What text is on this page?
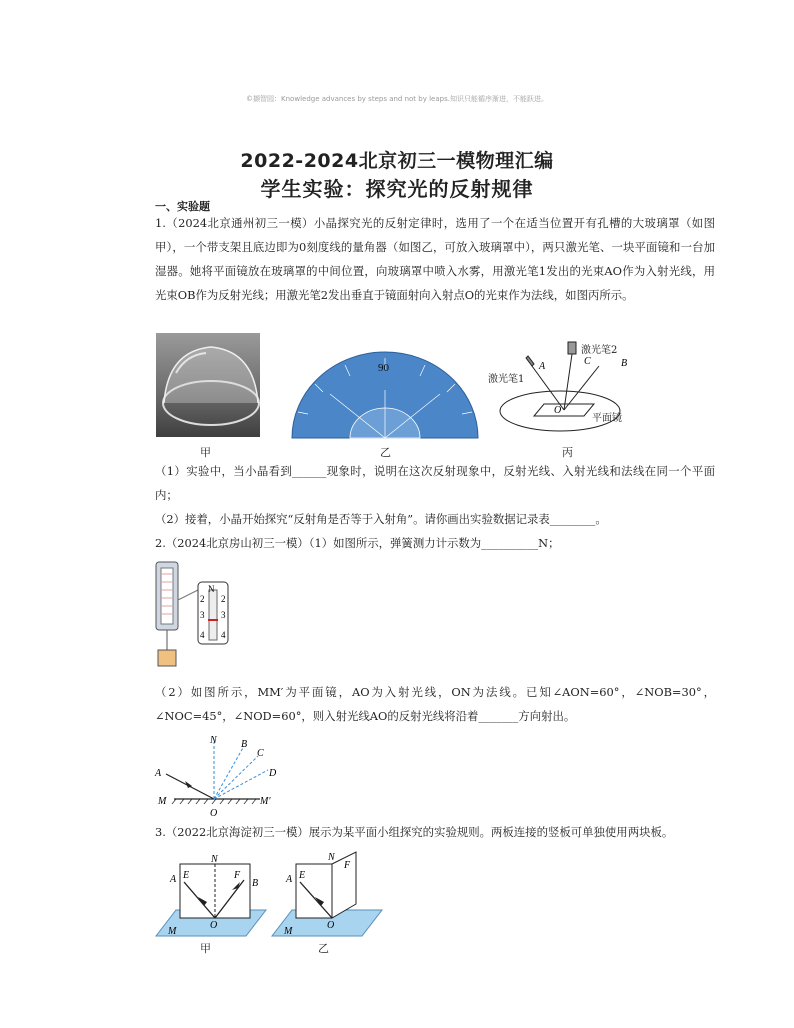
©撷智园：Knowledge advances by steps and not by leaps.知识只能循序渐进，不能跃进。
2022-2024北京初三一模物理汇编
学生实验：探究光的反射规律
一、实验题
1.（2024北京通州初三一模）小晶探究光的反射定律时，选用了一个在适当位置开有孔槽的大玻璃罩（如图甲），一个带支架且底边即为0刻度线的量角器（如图乙，可放入玻璃罩中），两只激光笔、一块平面镜和一台加湿器。她将平面镜放在玻璃罩的中间位置，向玻璃罩中喷入水雾，用激光笔1发出的光束AO作为入射光线，用光束OB作为反射光线；用激光笔2发出垂直于镜面射向入射点O的光束作为法线，如图丙所示。
甲
90
乙
A	C	B
O
激光笔1
激光笔2
平面镜
丙
（1）实验中，当小晶看到______现象时，说明在这次反射现象中，反射光线、入射光线和法线在同一个平面内；
（2）接着，小晶开始探究“反射角是否等于入射角”。请你画出实验数据记录表________。
2.（2024北京房山初三一模）（1）如图所示，弹簧测力计示数为__________N；
N
2
3
4
2
3
4
（2）如图所示，MM′为平面镜，AO为入射光线，ON为法线。已知∠AON=60°，∠NOB=30°，∠NOC=45°，∠NOD=60°，则入射光线AO的反射光线将沿着_______方向射出。
N B
C
D
A
M	M′
O
3.（2022北京海淀初三一模）展示为某平面小组探究的实验规则。两板连接的竖板可单独使用两块板。
A E
N
F
B
O
M
甲
A E
N
F
O
M
乙
